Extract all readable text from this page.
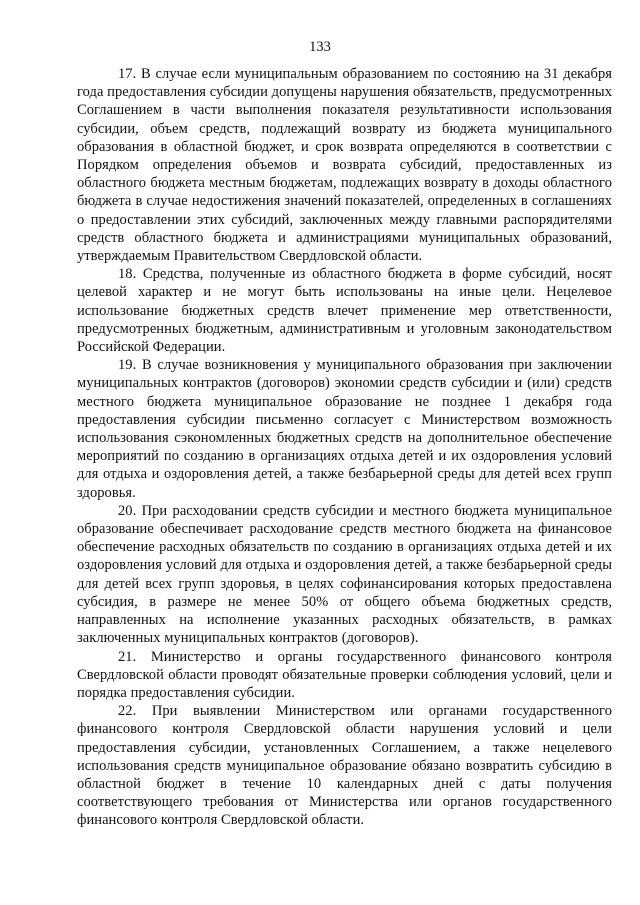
133

17. В случае если муниципальным образованием по состоянию на 31 декабря года предоставления субсидии допущены нарушения обязательств, предусмотренных Соглашением в части выполнения показателя результативности использования субсидии, объем средств, подлежащий возврату из бюджета муниципального образования в областной бюджет, и срок возврата определяются в соответствии с Порядком определения объемов и возврата субсидий, предоставленных из областного бюджета местным бюджетам, подлежащих возврату в доходы областного бюджета в случае недостижения значений показателей, определенных в соглашениях о предоставлении этих субсидий, заключенных между главными распорядителями средств областного бюджета и администрациями муниципальных образований, утверждаемым Правительством Свердловской области.

18. Средства, полученные из областного бюджета в форме субсидий, носят целевой характер и не могут быть использованы на иные цели. Нецелевое использование бюджетных средств влечет применение мер ответственности, предусмотренных бюджетным, административным и уголовным законодательством Российской Федерации.

19. В случае возникновения у муниципального образования при заключении муниципальных контрактов (договоров) экономии средств субсидии и (или) средств местного бюджета муниципальное образование не позднее 1 декабря года предоставления субсидии письменно согласует с Министерством возможность использования сэкономленных бюджетных средств на дополнительное обеспечение мероприятий по созданию в организациях отдыха детей и их оздоровления условий для отдыха и оздоровления детей, а также безбарьерной среды для детей всех групп здоровья.

20. При расходовании средств субсидии и местного бюджета муниципальное образование обеспечивает расходование средств местного бюджета на финансовое обеспечение расходных обязательств по созданию в организациях отдыха детей и их оздоровления условий для отдыха и оздоровления детей, а также безбарьерной среды для детей всех групп здоровья, в целях софинансирования которых предоставлена субсидия, в размере не менее 50% от общего объема бюджетных средств, направленных на исполнение указанных расходных обязательств, в рамках заключенных муниципальных контрактов (договоров).

21. Министерство и органы государственного финансового контроля Свердловской области проводят обязательные проверки соблюдения условий, цели и порядка предоставления субсидии.

22. При выявлении Министерством или органами государственного финансового контроля Свердловской области нарушения условий и цели предоставления субсидии, установленных Соглашением, а также нецелевого использования средств муниципальное образование обязано возвратить субсидию в областной бюджет в течение 10 календарных дней с даты получения соответствующего требования от Министерства или органов государственного финансового контроля Свердловской области.
